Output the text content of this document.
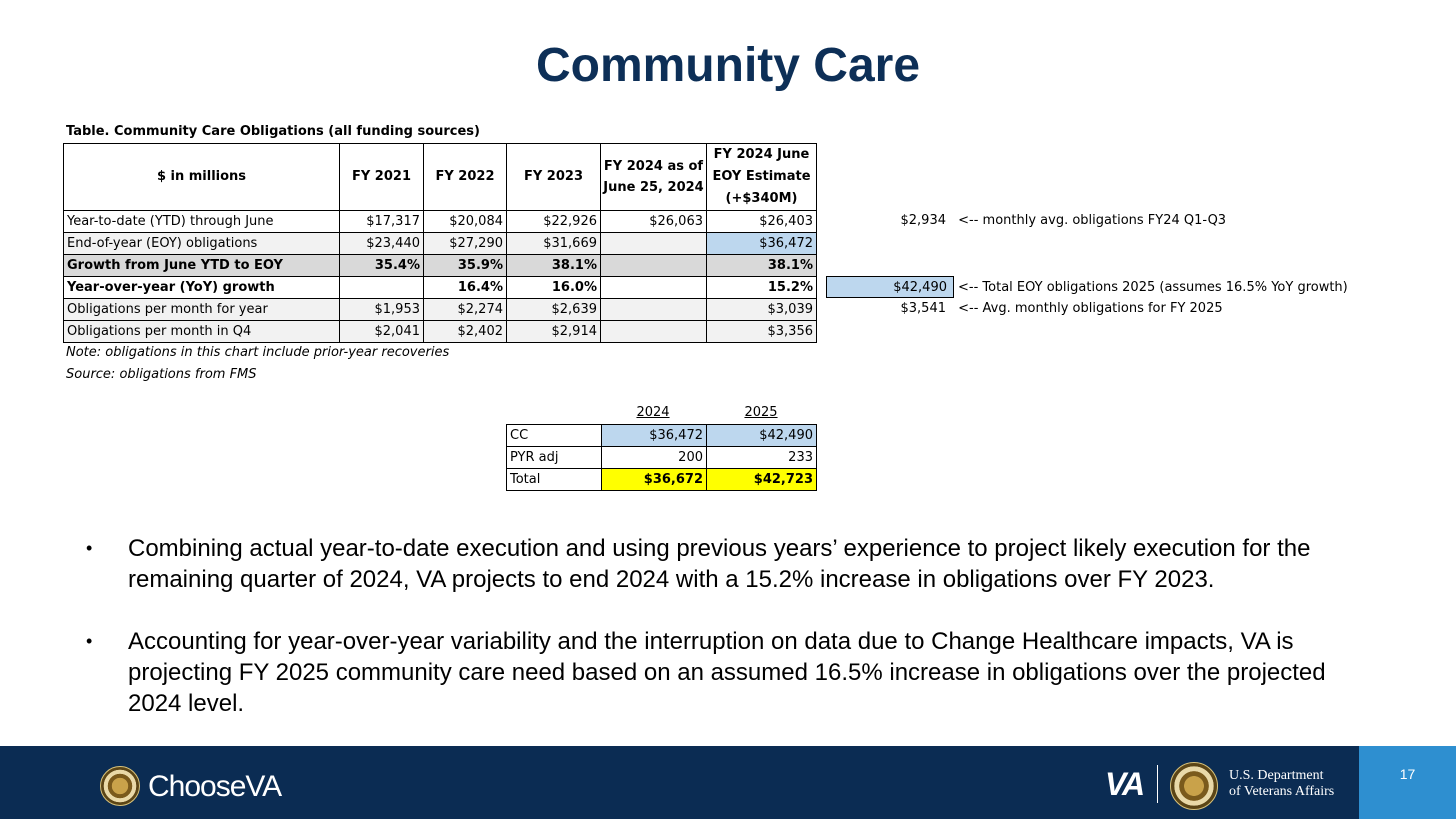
Community Care
Table. Community Care Obligations (all funding sources)
$ in millions	FY 2021	FY 2022	FY 2023	FY 2024 as of June 25, 2024	FY 2024 June EOY Estimate (+$340M)
Year-to-date (YTD) through June	$17,317	$20,084	$22,926	$26,063	$26,403
End-of-year (EOY) obligations	$23,440	$27,290	$31,669		$36,472
Growth from June YTD to EOY	35.4%	35.9%	38.1%		38.1%
Year-over-year (YoY) growth		16.4%	16.0%		15.2%
Obligations per month for year	$1,953	$2,274	$2,639		$3,039
Obligations per month in Q4	$2,041	$2,402	$2,914		$3,356
$2,934 <-- monthly avg. obligations FY24 Q1-Q3
$42,490 <-- Total EOY obligations 2025 (assumes 16.5% YoY growth)
$3,541 <-- Avg. monthly obligations for FY 2025
Note: obligations in this chart include prior-year recoveries
Source: obligations from FMS
2024	2025
CC	$36,472	$42,490
PYR adj	200	233
Total	$36,672	$42,723
• Combining actual year-to-date execution and using previous years’ experience to project likely execution for the remaining quarter of 2024, VA projects to end 2024 with a 15.2% increase in obligations over FY 2023.
• Accounting for year-over-year variability and the interruption on data due to Change Healthcare impacts, VA is projecting FY 2025 community care need based on an assumed 16.5% increase in obligations over the projected 2024 level.
17
ChooseVA	VA	U.S. Department
of Veterans Affairs
